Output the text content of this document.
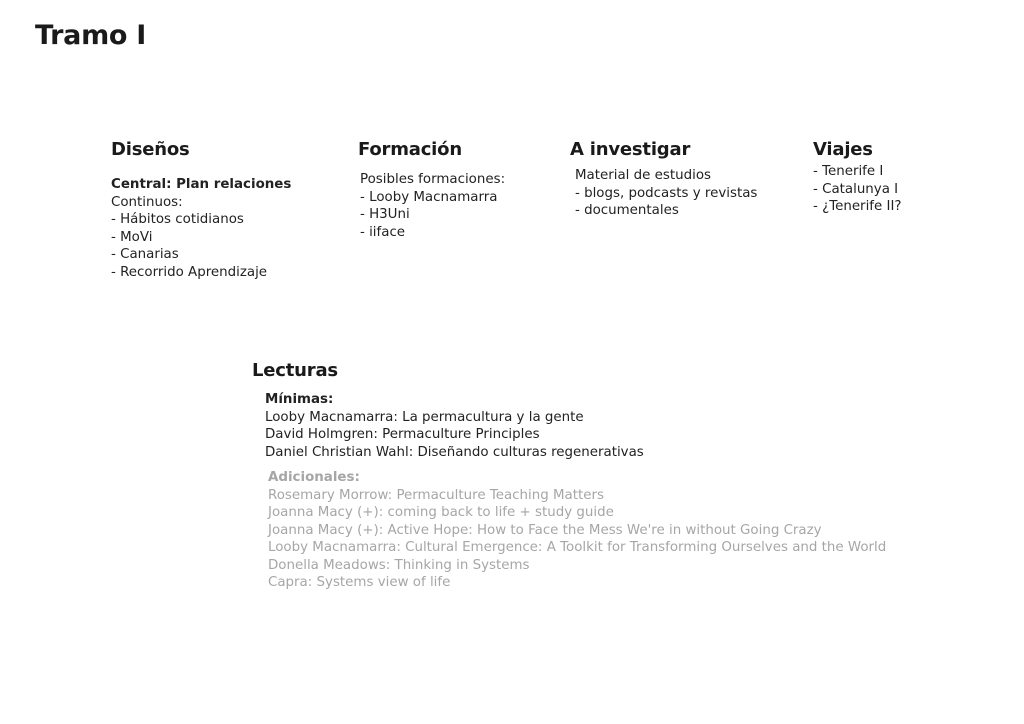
Tramo I
Diseños
Central: Plan relaciones
Continuos:
- Hábitos cotidianos
- MoVi
- Canarias
- Recorrido Aprendizaje
Formación
Posibles formaciones:
- Looby Macnamarra
- H3Uni
- iiface
A investigar
Material de estudios
- blogs, podcasts y revistas
- documentales
Viajes
- Tenerife I
- Catalunya I
- ¿Tenerife II?
Lecturas
Mínimas:
Looby Macnamarra: La permacultura y la gente
David Holmgren: Permaculture Principles
Daniel Christian Wahl: Diseñando culturas regenerativas
Adicionales:
Rosemary Morrow: Permaculture Teaching Matters
Joanna Macy (+): coming back to life + study guide
Joanna Macy (+): Active Hope: How to Face the Mess We're in without Going Crazy
Looby Macnamarra: Cultural Emergence: A Toolkit for Transforming Ourselves and the World
Donella Meadows: Thinking in Systems
Capra: Systems view of life
